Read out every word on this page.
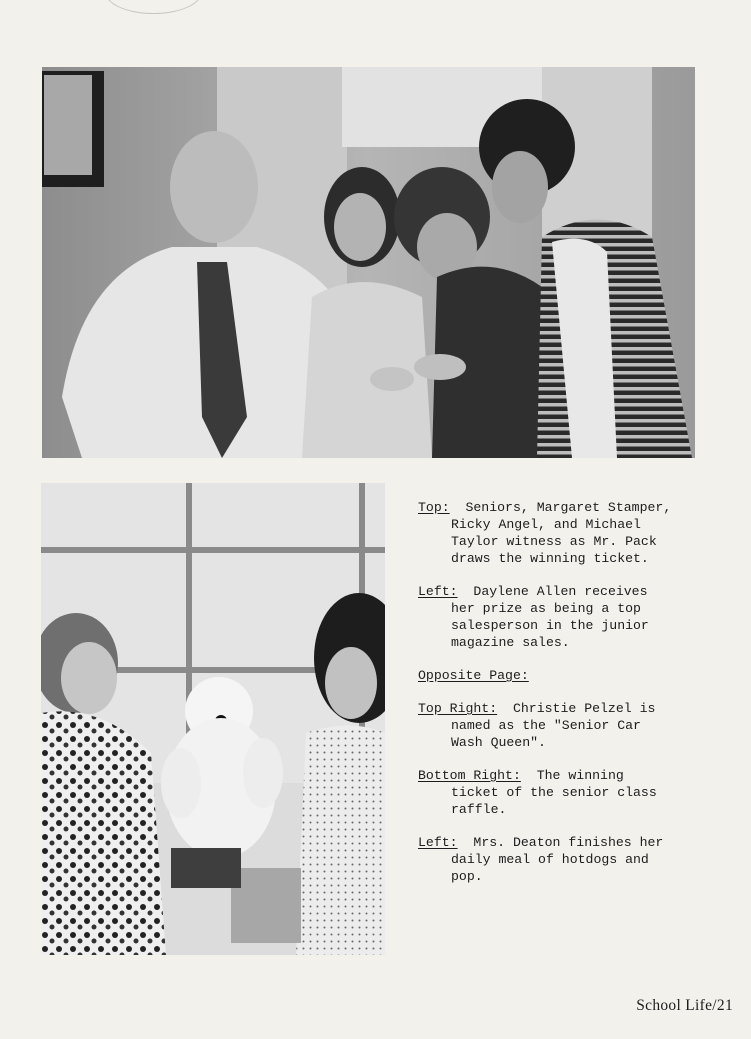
Top:  Seniors, Margaret Stamper,
Ricky Angel, and Michael
Taylor witness as Mr. Pack
draws the winning ticket.
Left:  Daylene Allen receives
her prize as being a top
salesperson in the junior
magazine sales.
Opposite Page:
Top Right:  Christie Pelzel is
named as the "Senior Car
Wash Queen".
Bottom Right:  The winning
ticket of the senior class
raffle.
Left:  Mrs. Deaton finishes her
daily meal of hotdogs and
pop.
School Life/21
